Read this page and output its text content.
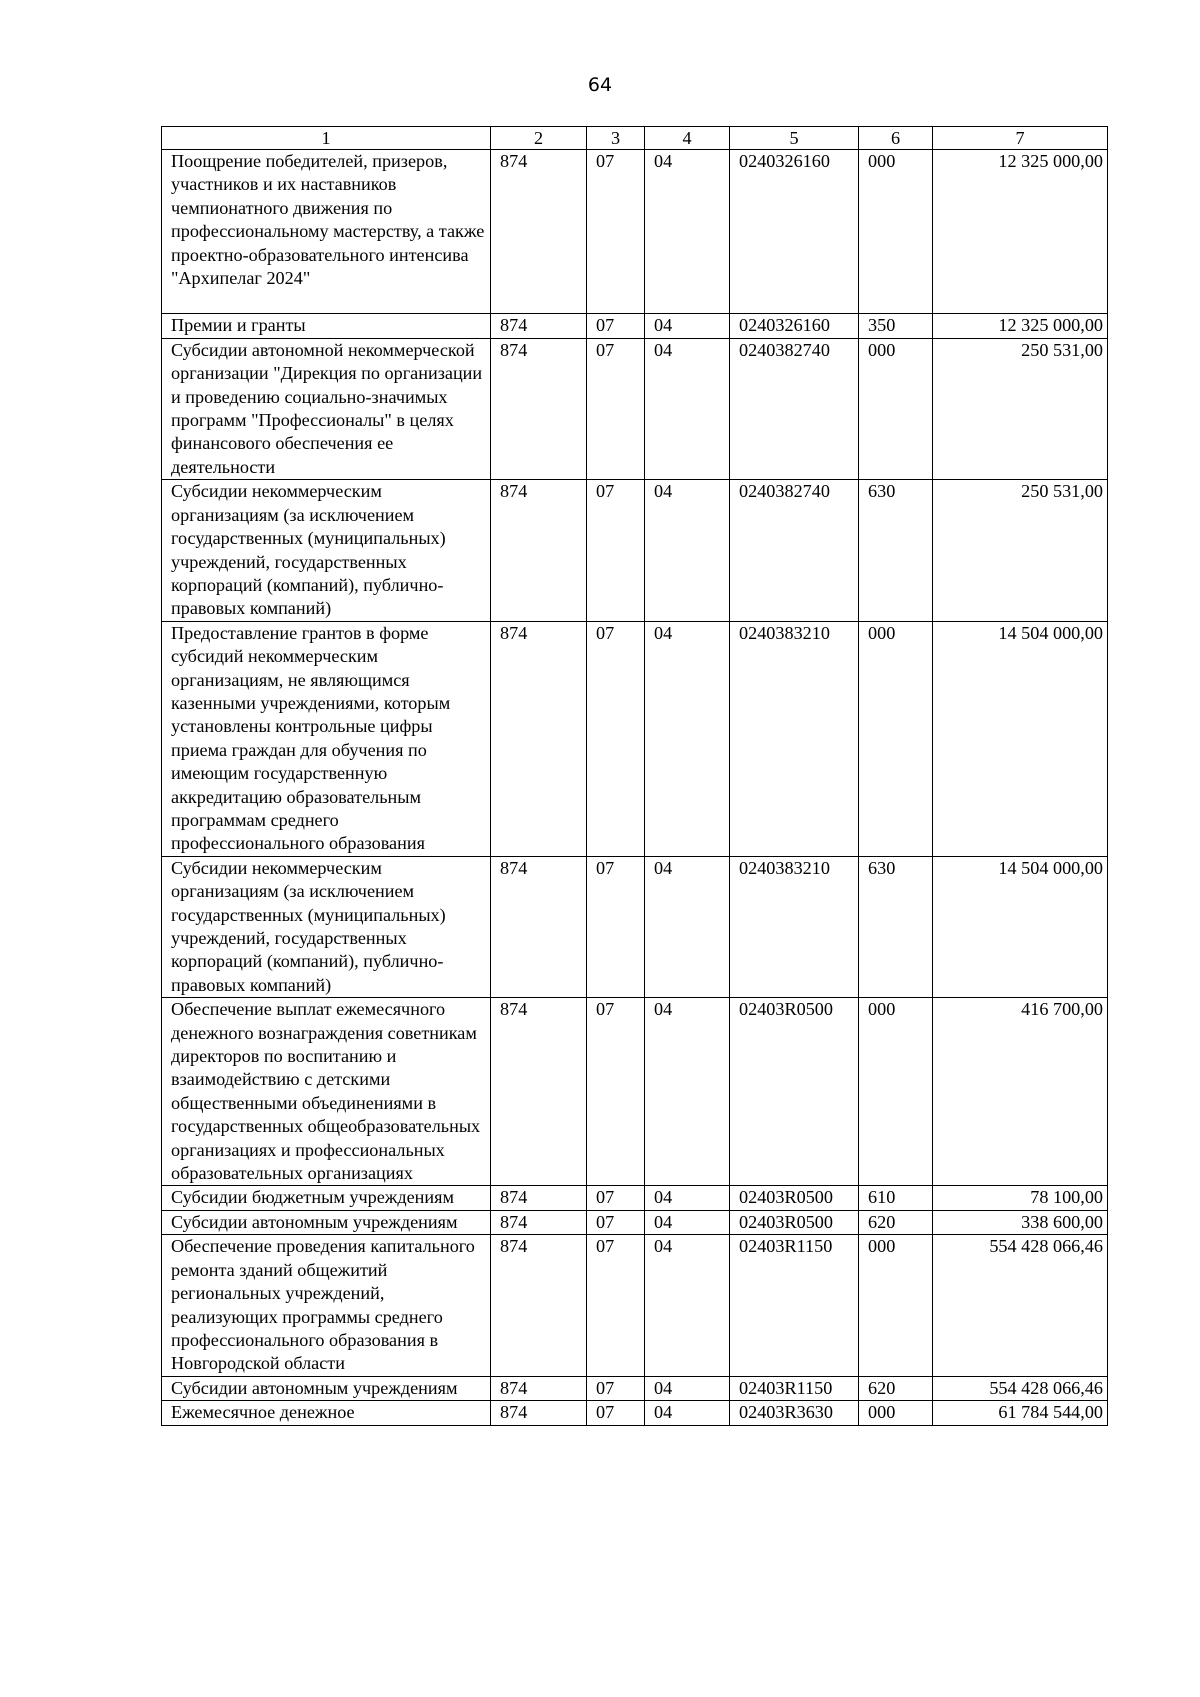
64
1	2	3	4	5	6	7
Поощрение победителей, призеров, участников и их наставников чемпионатного движения по профессиональному мастерству, а также проектно-образовательного интенсива "Архипелаг 2024"	874	07	04	0240326160	000	12 325 000,00
Премии и гранты	874	07	04	0240326160	350	12 325 000,00
Субсидии автономной некоммерческой организации "Дирекция по организации и проведению социально-значимых программ "Профессионалы" в целях финансового обеспечения ее деятельности	874	07	04	0240382740	000	250 531,00
Субсидии некоммерческим организациям (за исключением государственных (муниципальных) учреждений, государственных корпораций (компаний), публично-правовых компаний)	874	07	04	0240382740	630	250 531,00
Предоставление грантов в форме субсидий некоммерческим организациям, не являющимся казенными учреждениями, которым установлены контрольные цифры приема граждан для обучения по имеющим государственную аккредитацию образовательным программам среднего профессионального образования	874	07	04	0240383210	000	14 504 000,00
Субсидии некоммерческим организациям (за исключением государственных (муниципальных) учреждений, государственных корпораций (компаний), публично-правовых компаний)	874	07	04	0240383210	630	14 504 000,00
Обеспечение выплат ежемесячного денежного вознаграждения советникам директоров по воспитанию и взаимодействию с детскими общественными объединениями в государственных общеобразовательных организациях и профессиональных образовательных организациях	874	07	04	02403R0500	000	416 700,00
Субсидии бюджетным учреждениям	874	07	04	02403R0500	610	78 100,00
Субсидии автономным учреждениям	874	07	04	02403R0500	620	338 600,00
Обеспечение проведения капитального ремонта зданий общежитий региональных учреждений, реализующих программы среднего профессионального образования в Новгородской области	874	07	04	02403R1150	000	554 428 066,46
Субсидии автономным учреждениям	874	07	04	02403R1150	620	554 428 066,46
Ежемесячное денежное	874	07	04	02403R3630	000	61 784 544,00
